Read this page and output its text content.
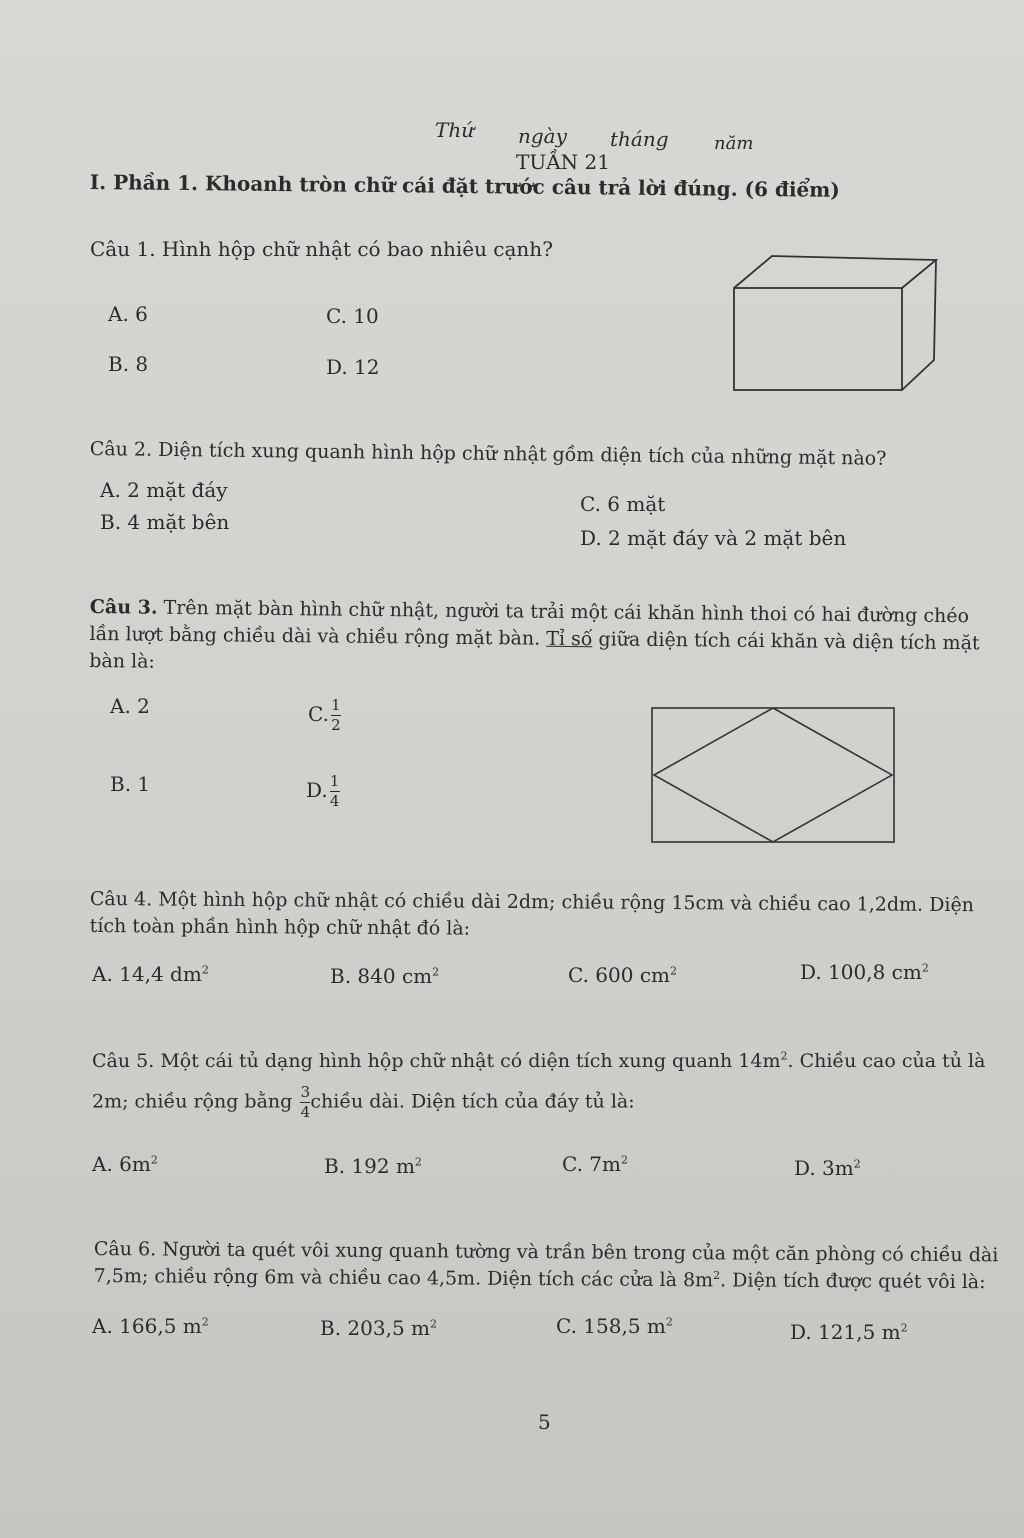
Thứ ngày tháng	năm
TUẦN 21
I. Phần 1. Khoanh tròn chữ cái đặt trước câu trả lời đúng. (6 điểm)
Câu 1. Hình hộp chữ nhật có bao nhiêu cạnh?
A. 6	C. 10
B. 8	D. 12
Câu 2. Diện tích xung quanh hình hộp chữ nhật gồm diện tích của những mặt nào?
A. 2 mặt đáy
B. 4 mặt bên
C. 6 mặt
D. 2 mặt đáy và 2 mặt bên
Câu 3. Trên mặt bàn hình chữ nhật, người ta trải một cái khăn hình thoi có hai đường chéo
lần lượt bằng chiều dài và chiều rộng mặt bàn. Tỉ số giữa diện tích cái khăn và diện tích mặt
bàn là:
A. 2	C. $\frac{1}{2}$
B. 1	D. $\frac{1}{4}$
Câu 4. Một hình hộp chữ nhật có chiều dài 2dm; chiều rộng 15cm và chiều cao 1,2dm. Diện
tích toàn phần hình hộp chữ nhật đó là:
A. 14,4 $dm^2$	B. 840 $cm^2$	C. 600 $cm^2$	D. 100,8 $cm^2$
Câu 5. Một cái tủ dạng hình hộp chữ nhật có diện tích xung quanh $14m^2$. Chiều cao của tủ là
2m; chiều rộng bằng $\frac{3}{4}$ chiều dài. Diện tích của đáy tủ là:
A. $6m^2$	B. 192 $m^2$	C. $7m^2$	D. $3m^2$
Câu 6. Người ta quét vôi xung quanh tường và trần bên trong của một căn phòng có chiều dài
7,5m; chiều rộng 6m và chiều cao 4,5m. Diện tích các cửa là $8m^2$. Diện tích được quét vôi là:
A. 166,5 $m^2$	B. 203,5 $m^2$	C. 158,5 $m^2$	D. 121,5 $m^2$
5
